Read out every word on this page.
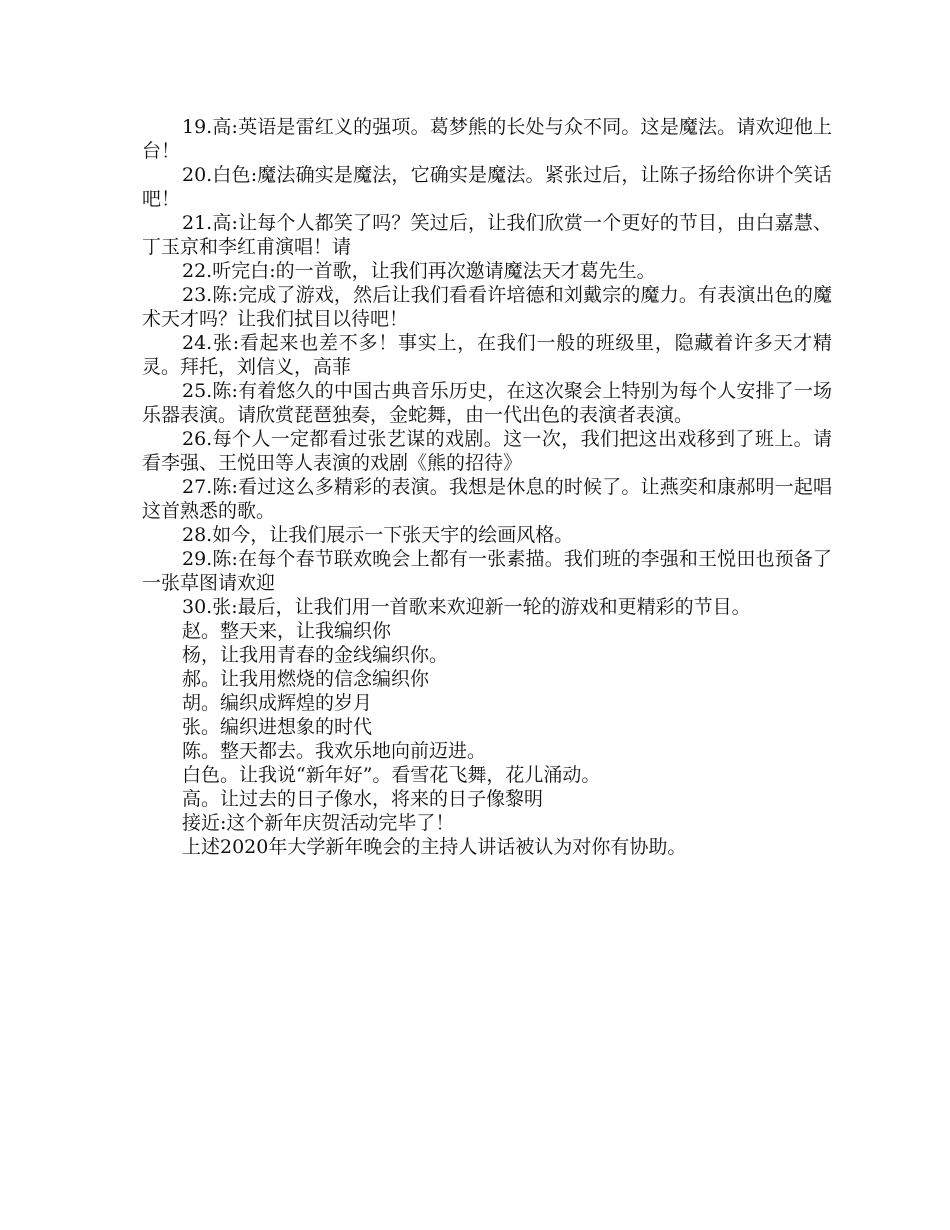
19.高:英语是雷红义的强项。葛梦熊的长处与众不同。这是魔法。请欢迎他上台！

20.白色:魔法确实是魔法，它确实是魔法。紧张过后，让陈子扬给你讲个笑话吧！

21.高:让每个人都笑了吗？笑过后，让我们欣赏一个更好的节目，由白嘉慧、丁玉京和李红甫演唱！请

22.听完白:的一首歌，让我们再次邀请魔法天才葛先生。

23.陈:完成了游戏，然后让我们看看许培德和刘戴宗的魔力。有表演出色的魔术天才吗？让我们拭目以待吧！

24.张:看起来也差不多！事实上，在我们一般的班级里，隐藏着许多天才精灵。拜托，刘信义，高菲

25.陈:有着悠久的中国古典音乐历史，在这次聚会上特别为每个人安排了一场乐器表演。请欣赏琵琶独奏，金蛇舞，由一代出色的表演者表演。

26.每个人一定都看过张艺谋的戏剧。这一次，我们把这出戏移到了班上。请看李强、王悦田等人表演的戏剧《熊的招待》

27.陈:看过这么多精彩的表演。我想是休息的时候了。让燕奕和康郝明一起唱这首熟悉的歌。

28.如今，让我们展示一下张天宇的绘画风格。

29.陈:在每个春节联欢晚会上都有一张素描。我们班的李强和王悦田也预备了一张草图请欢迎

30.张:最后，让我们用一首歌来欢迎新一轮的游戏和更精彩的节目。

赵。整天来，让我编织你

杨，让我用青春的金线编织你。

郝。让我用燃烧的信念编织你

胡。编织成辉煌的岁月

张。编织进想象的时代

陈。整天都去。我欢乐地向前迈进。

白色。让我说“新年好”。看雪花飞舞，花儿涌动。

高。让过去的日子像水，将来的日子像黎明

接近:这个新年庆贺活动完毕了！

上述2020年大学新年晚会的主持人讲话被认为对你有协助。
